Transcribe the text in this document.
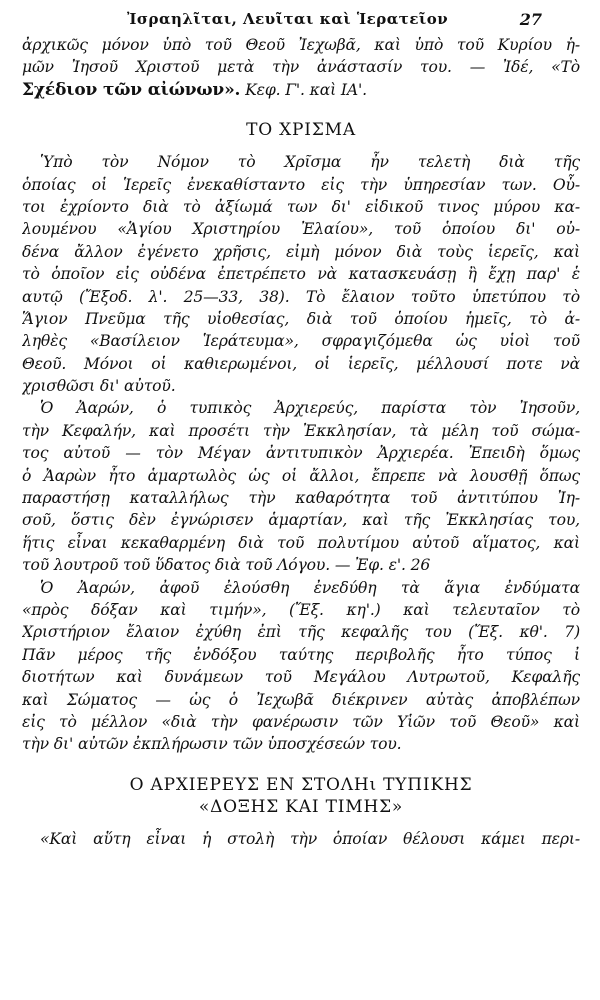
Ἰσραηλῖται, Λευῖται καὶ Ἱερατεῖον	27
ἀρχικῶς μόνον ὑπὸ τοῦ Θεοῦ Ἰεχωβᾶ, καὶ ὑπὸ τοῦ Κυρίου ἡ-
μῶν Ἰησοῦ Χριστοῦ μετὰ τὴν ἀνάστασίν του. — Ἰδέ, «Τὸ
Σχέδιον τῶν αἰώνων». Κεφ. Γ'. καὶ ΙΑ'.
ΤΟ ΧΡΙΣΜΑ
Ὑπὸ τὸν Νόμον τὸ Χρῖσμα ἦν τελετὴ διὰ τῆς
ὁποίας οἱ Ἱερεῖς ἐνεκαθίσταντο εἰς τὴν ὑπηρεσίαν των. Οὗ-
τοι ἐχρίοντο διὰ τὸ ἀξίωμά των δι' εἰδικοῦ τινος μύρου κα-
λουμένου «Ἁγίου Χριστηρίου Ἐλαίου», τοῦ ὁποίου δι' οὐ-
δένα ἄλλον ἐγένετο χρῆσις, εἰμὴ μόνον διὰ τοὺς ἱερεῖς, καὶ
τὸ ὁποῖον εἰς οὐδένα ἐπετρέπετο νὰ κατασκευάσῃ ἢ ἔχῃ παρ' ἑ
αυτῷ (Ἔξοδ. λ'. 25—33, 38). Τὸ ἔλαιον τοῦτο ὑπετύπου τὸ
Ἅγιον Πνεῦμα τῆς υἱοθεσίας, διὰ τοῦ ὁποίου ἡμεῖς, τὸ ἀ-
ληθὲς «Βασίλειον Ἱεράτευμα», σφραγιζόμεθα ὡς υἱοὶ τοῦ
Θεοῦ. Μόνοι οἱ καθιερωμένοι, οἱ ἱερεῖς, μέλλουσί ποτε νὰ
χρισθῶσι δι' αὐτοῦ.
Ὁ Ἀαρών, ὁ τυπικὸς Ἀρχιερεύς, παρίστα τὸν Ἰησοῦν,
τὴν Κεφαλήν, καὶ προσέτι τὴν Ἐκκλησίαν, τὰ μέλη τοῦ σώμα-
τος αὐτοῦ — τὸν Μέγαν ἀντιτυπικὸν Ἀρχιερέα. Ἐπειδὴ ὅμως
ὁ Ἀαρὼν ἦτο ἁμαρτωλὸς ὡς οἱ ἄλλοι, ἔπρεπε νὰ λουσθῇ ὅπως
παραστήσῃ καταλλήλως τὴν καθαρότητα τοῦ ἀντιτύπου Ἰη-
σοῦ, ὅστις δὲν ἐγνώρισεν ἁμαρτίαν, καὶ τῆς Ἐκκλησίας του,
ἥτις εἶναι κεκαθαρμένη διὰ τοῦ πολυτίμου αὐτοῦ αἵματος, καὶ
τοῦ λουτροῦ τοῦ ὕδατος διὰ τοῦ Λόγου. — Ἐφ. ε'. 26
Ὁ Ἀαρών, ἀφοῦ ἐλούσθη ἐνεδύθη τὰ ἅγια ἐνδύματα
«πρὸς δόξαν καὶ τιμήν», (Ἔξ. κη'.) καὶ τελευταῖον τὸ
Χριστήριον ἔλαιον ἐχύθη ἐπὶ τῆς κεφαλῆς του (Ἔξ. κθ'. 7)
Πᾶν μέρος τῆς ἐνδόξου ταύτης περιβολῆς ἦτο τύπος ἰ
διοτήτων καὶ δυνάμεων τοῦ Μεγάλου Λυτρωτοῦ, Κεφαλῆς
καὶ Σώματος — ὡς ὁ Ἰεχωβᾶ διέκρινεν αὐτὰς ἀποβλέπων
εἰς τὸ μέλλον «διὰ τὴν φανέρωσιν τῶν Υἱῶν τοῦ Θεοῦ» καὶ
τὴν δι' αὐτῶν ἐκπλήρωσιν τῶν ὑποσχέσεών του.
Ο ΑΡΧΙΕΡΕΥΣ ΕΝ ΣΤΟΛΗι ΤΥΠΙΚΗΣ
«ΔΟΞΗΣ ΚΑΙ ΤΙΜΗΣ»
«Καὶ αὕτη εἶναι ἡ στολὴ τὴν ὁποίαν θέλουσι κάμει περι-
